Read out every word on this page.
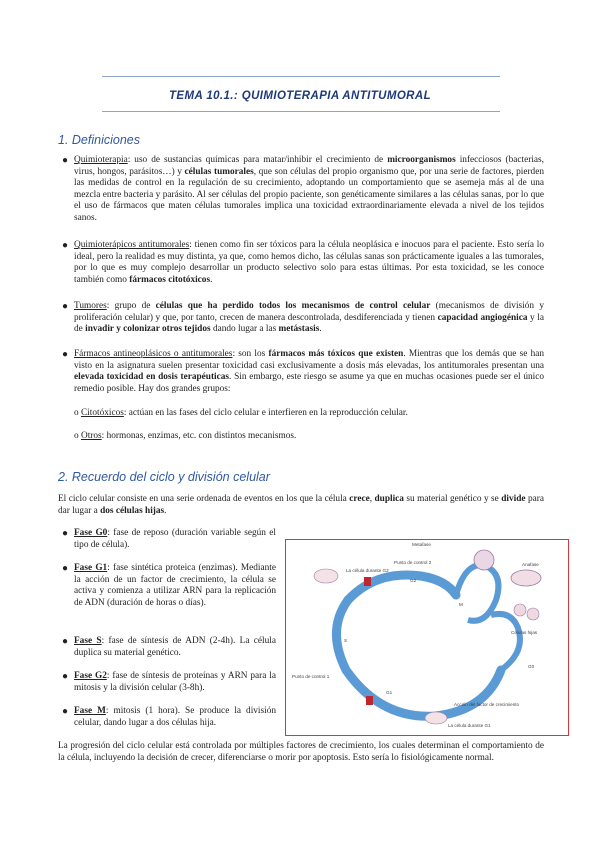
TEMA 10.1.: QUIMIOTERAPIA ANTITUMORAL
1. Definiciones
● Quimioterapia: uso de sustancias químicas para matar/inhibir el crecimiento de microorganismos infecciosos (bacterias, virus, hongos, parásitos…) y células tumorales, que son células del propio organismo que, por una serie de factores, pierden las medidas de control en la regulación de su crecimiento, adoptando un comportamiento que se asemeja más al de una mezcla entre bacteria y parásito. Al ser células del propio paciente, son genéticamente similares a las células sanas, por lo que el uso de fármacos que maten células tumorales implica una toxicidad extraordinariamente elevada a nivel de los tejidos sanos.
● Quimioterápicos antitumorales: tienen como fin ser tóxicos para la célula neoplásica e inocuos para el paciente. Esto sería lo ideal, pero la realidad es muy distinta, ya que, como hemos dicho, las células sanas son prácticamente iguales a las tumorales, por lo que es muy complejo desarrollar un producto selectivo solo para estas últimas. Por esta toxicidad, se les conoce también como fármacos citotóxicos.
● Tumores: grupo de células que ha perdido todos los mecanismos de control celular (mecanismos de división y proliferación celular) y que, por tanto, crecen de manera descontrolada, desdiferenciada y tienen capacidad angiogénica y la de invadir y colonizar otros tejidos dando lugar a las metástasis.
● Fármacos antineoplásicos o antitumorales: son los fármacos más tóxicos que existen. Mientras que los demás que se han visto en la asignatura suelen presentar toxicidad casi exclusivamente a dosis más elevadas, los antitumorales presentan una elevada toxicidad en dosis terapéuticas. Sin embargo, este riesgo se asume ya que en muchas ocasiones puede ser el único remedio posible. Hay dos grandes grupos:
o Citotóxicos: actúan en las fases del ciclo celular e interfieren en la reproducción celular.
o Otros: hormonas, enzimas, etc. con distintos mecanismos.
2. Recuerdo del ciclo y división celular
El ciclo celular consiste en una serie ordenada de eventos en los que la célula crece, duplica su material genético y se divide para dar lugar a dos células hijas.
● Fase G0: fase de reposo (duración variable según el tipo de célula).
● Fase G1: fase sintética proteica (enzimas). Mediante la acción de un factor de crecimiento, la célula se activa y comienza a utilizar ARN para la replicación de ADN (duración de horas o días).
● Fase S: fase de síntesis de ADN (2-4h). La célula duplica su material genético.
● Fase G2: fase de síntesis de proteínas y ARN para la mitosis y la división celular (3-8h).
● Fase M: mitosis (1 hora). Se produce la división celular, dando lugar a dos células hija.
Metafase
Punto de control 2
La célula durante G2
Anafase
G2
M
Células hijas
S
G0
Punto de control 1
G1
Acción del factor de crecimiento
La célula durante G1
La progresión del ciclo celular está controlada por múltiples factores de crecimiento, los cuales determinan el comportamiento de la célula, incluyendo la decisión de crecer, diferenciarse o morir por apoptosis. Esto sería lo fisiológicamente normal.
